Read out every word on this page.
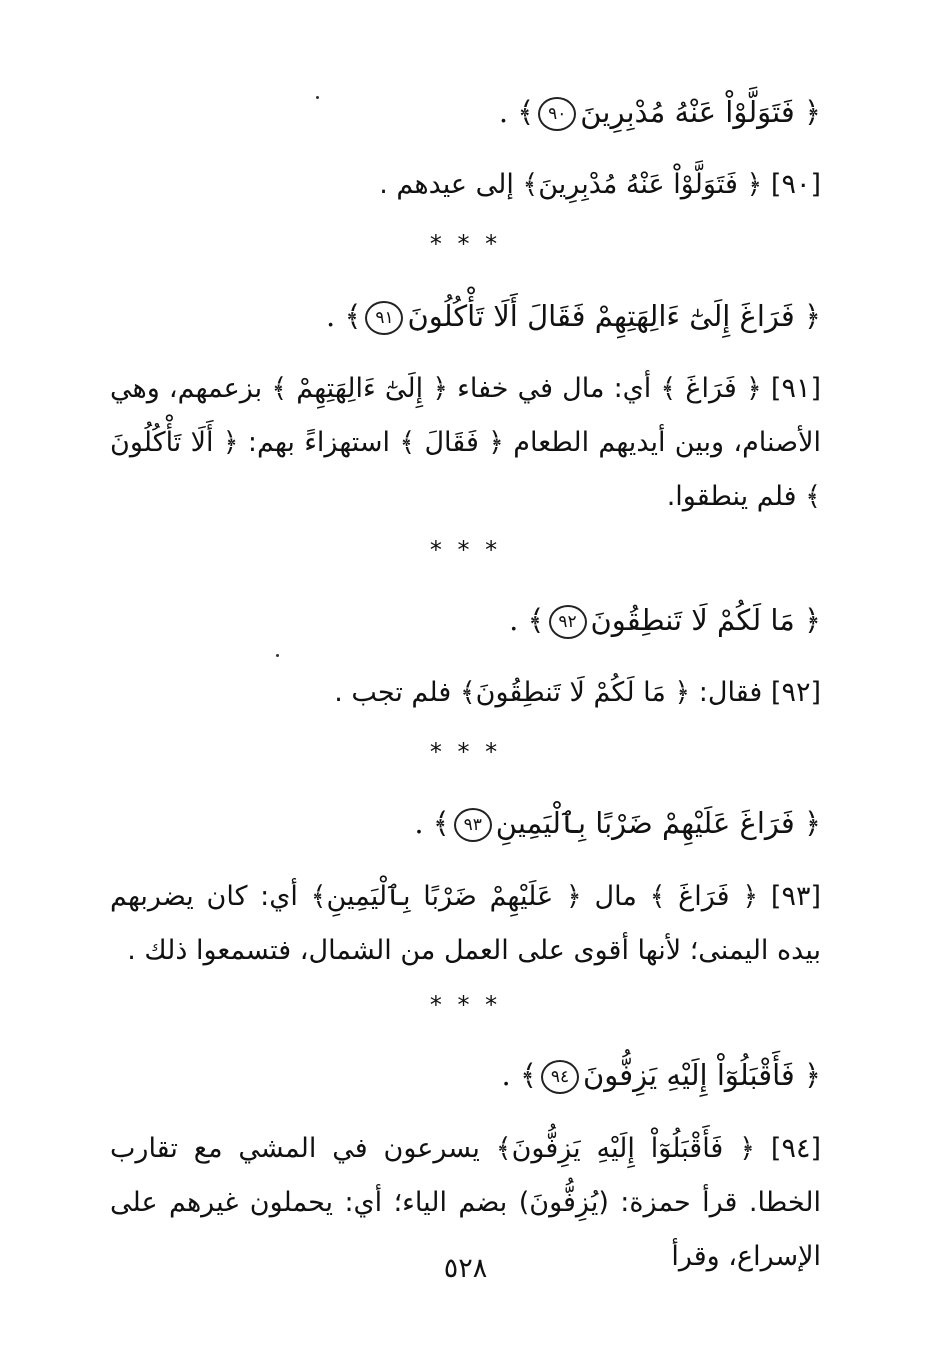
﴿ فَتَوَلَّوْاْ عَنْهُ مُدْبِرِينَ٩٠﴾ .
[٩٠] ﴿ فَتَوَلَّوْاْ عَنْهُ مُدْبِرِينَ﴾ إلى عيدهم .
* * *
﴿ فَرَاغَ إِلَىٰٓ ءَالِهَتِهِمْ فَقَالَ أَلَا تَأْكُلُونَ٩١﴾ .
[٩١] ﴿ فَرَاغَ ﴾ أي: مال في خفاء ﴿ إِلَىٰٓ ءَالِهَتِهِمْ ﴾ بزعمهم، وهي الأصنام، وبين أيديهم الطعام ﴿ فَقَالَ ﴾ استهزاءً بهم: ﴿ أَلَا تَأْكُلُونَ ﴾ فلم ينطقوا.
* * *
﴿ مَا لَكُمْ لَا تَنطِقُونَ٩٢﴾ .
[٩٢] فقال: ﴿ مَا لَكُمْ لَا تَنطِقُونَ﴾ فلم تجب .
* * *
﴿ فَرَاغَ عَلَيْهِمْ ضَرْبًا بِٱلْيَمِينِ٩٣﴾ .
[٩٣] ﴿ فَرَاغَ ﴾ مال ﴿ عَلَيْهِمْ ضَرْبًا بِٱلْيَمِينِ﴾ أي: كان يضربهم بيده اليمنى؛ لأنها أقوى على العمل من الشمال، فتسمعوا ذلك .
* * *
﴿ فَأَقْبَلُوٓاْ إِلَيْهِ يَزِفُّونَ٩٤﴾ .
[٩٤] ﴿ فَأَقْبَلُوٓاْ إِلَيْهِ يَزِفُّونَ﴾ يسرعون في المشي مع تقارب الخطا. قرأ حمزة: (يُزِفُّونَ) بضم الياء؛ أي: يحملون غيرهم على الإسراع، وقرأ
٥٢٨
